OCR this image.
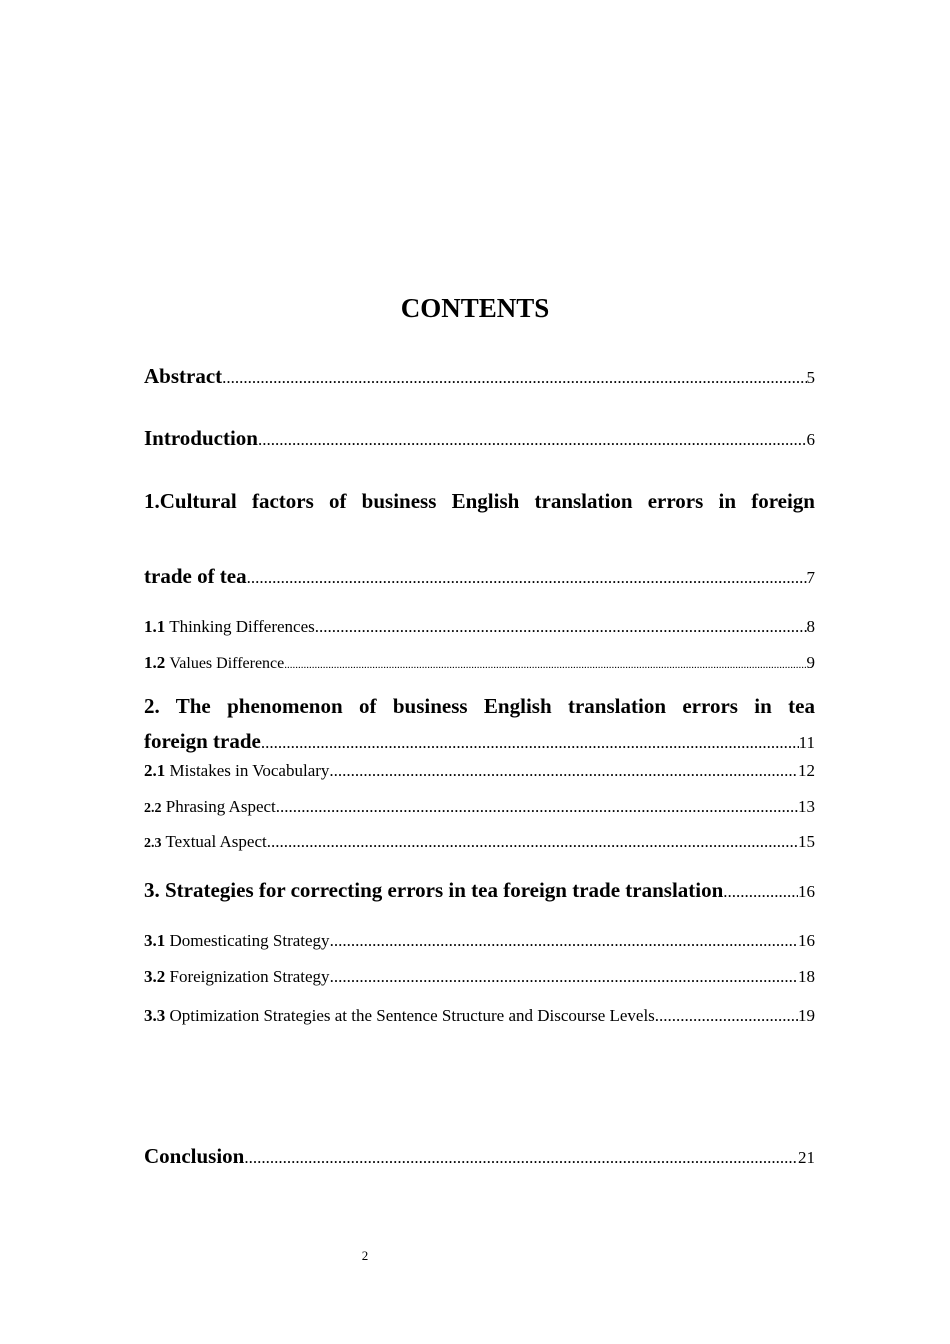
CONTENTS
Abstract .....	5
Introduction .....	6
1.Cultural factors of business English translation errors in foreign
trade of tea .....	7
1.1 Thinking Differences .....	8
1.2 Values Difference .....	9
2. The phenomenon of business English translation errors in tea
foreign trade .....	11
2.1 Mistakes in Vocabulary .....	12
2.2 Phrasing Aspect .....	13
2.3 Textual Aspect .....	15
3. Strategies for correcting errors in tea foreign trade translation .....	16
3.1 Domesticating Strategy .....	16
3.2 Foreignization Strategy .....	18
3.3 Optimization Strategies at the Sentence Structure and Discourse Levels .....	19
Conclusion .....	21
2
